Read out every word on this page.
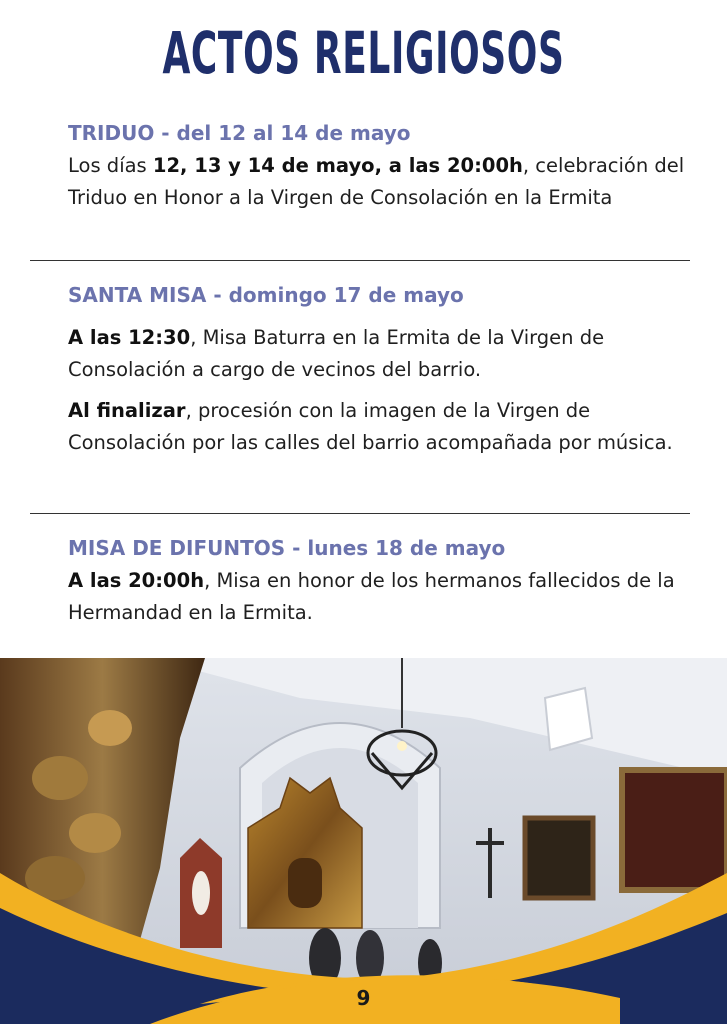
ACTOS RELIGIOSOS
TRIDUO - del 12 al 14 de mayo

Los días 12, 13 y 14 de mayo, a las 20:00h, celebración del Triduo en Honor a la Virgen de Consolación en la Ermita

SANTA MISA - domingo 17 de mayo

A las 12:30, Misa Baturra en la Ermita de la Virgen de Consolación a cargo de vecinos del barrio.

Al finalizar, procesión con la imagen de la Virgen de Consolación por las calles del barrio acompañada por música.

MISA DE DIFUNTOS - lunes 18 de mayo

A las 20:00h, Misa en honor de los hermanos fallecidos de la Hermandad en la Ermita.

9
